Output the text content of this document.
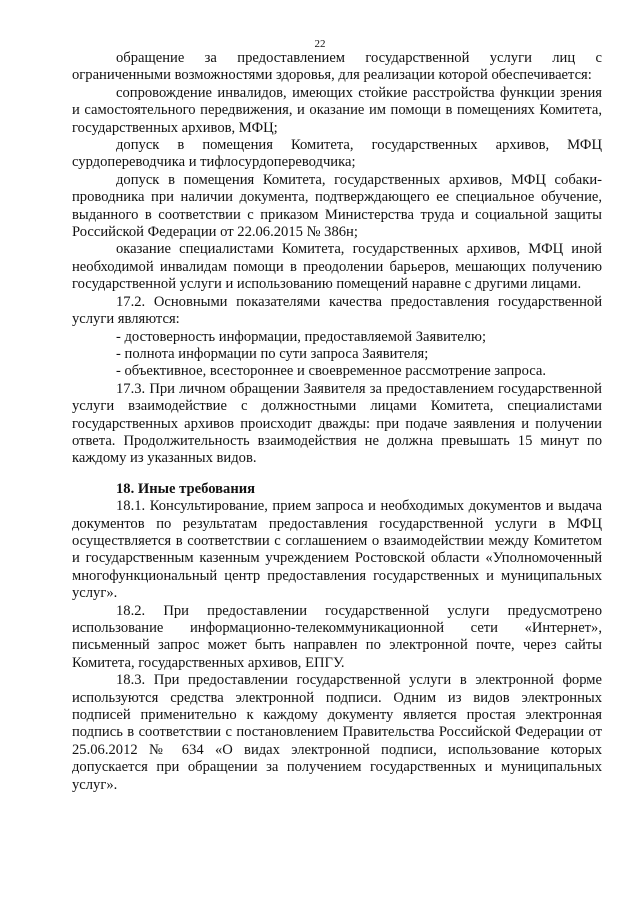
22

обращение за предоставлением государственной услуги лиц с ограниченными возможностями здоровья, для реализации которой обеспечивается:

сопровождение инвалидов, имеющих стойкие расстройства функции зрения и самостоятельного передвижения, и оказание им помощи в помещениях Комитета, государственных архивов, МФЦ;

допуск в помещения Комитета, государственных архивов, МФЦ сурдопереводчика и тифлосурдопереводчика;

допуск в помещения Комитета, государственных архивов, МФЦ собаки-проводника при наличии документа, подтверждающего ее специальное обучение, выданного в соответствии с приказом Министерства труда и социальной защиты Российской Федерации от 22.06.2015 № 386н;

оказание специалистами Комитета, государственных архивов, МФЦ иной необходимой инвалидам помощи в преодолении барьеров, мешающих получению государственной услуги и использованию помещений наравне с другими лицами.

17.2. Основными показателями качества предоставления государственной услуги являются:

- достоверность информации, предоставляемой Заявителю;

- полнота информации по сути запроса Заявителя;

- объективное, всестороннее и своевременное рассмотрение запроса.

17.3. При личном обращении Заявителя за предоставлением государственной услуги взаимодействие с должностными лицами Комитета, специалистами государственных архивов происходит дважды: при подаче заявления и получении ответа. Продолжительность взаимодействия не должна превышать 15 минут по каждому из указанных видов.

18. Иные требования

18.1. Консультирование, прием запроса и необходимых документов и выдача документов по результатам предоставления государственной услуги в МФЦ осуществляется в соответствии с соглашением о взаимодействии между Комитетом и государственным казенным учреждением Ростовской области «Уполномоченный многофункциональный центр предоставления государственных и муниципальных услуг».

18.2. При предоставлении государственной услуги предусмотрено использование информационно-телекоммуникационной сети «Интернет», письменный запрос может быть направлен по электронной почте, через сайты Комитета, государственных архивов, ЕПГУ.

18.3. При предоставлении государственной услуги в электронной форме используются средства электронной подписи. Одним из видов электронных подписей применительно к каждому документу является простая электронная подпись в соответствии с постановлением Правительства Российской Федерации от 25.06.2012 № 634 «О видах электронной подписи, использование которых допускается при обращении за получением государственных и муниципальных услуг».
